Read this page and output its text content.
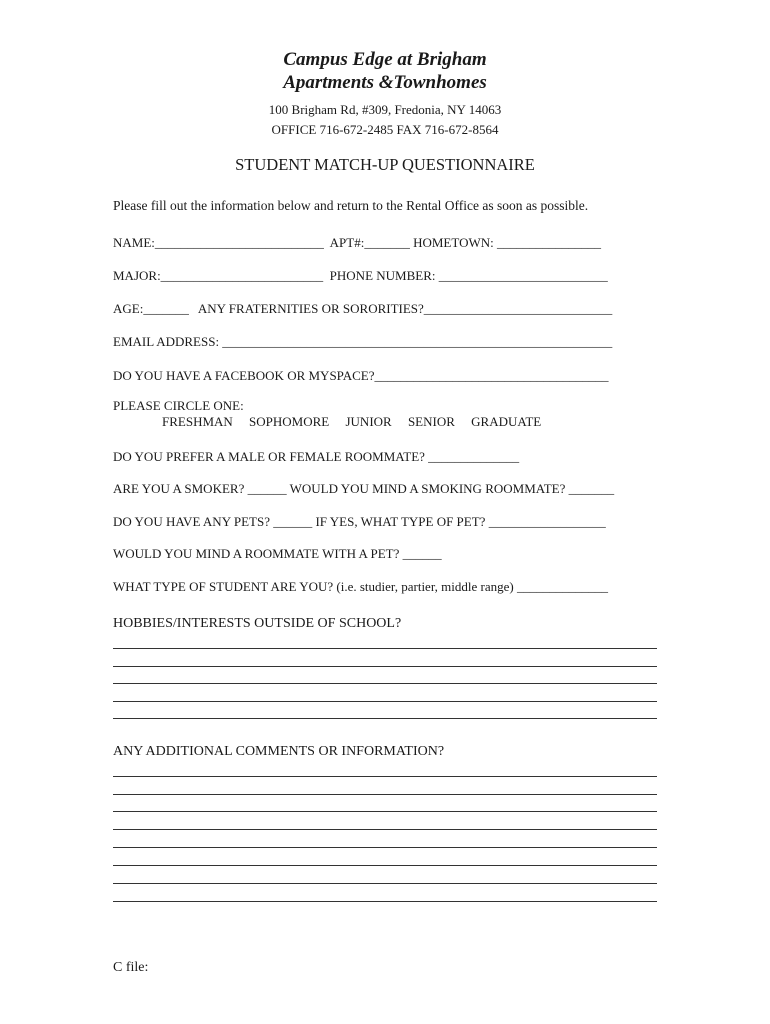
Campus Edge at Brigham
Apartments &Townhomes
100 Brigham Rd, #309, Fredonia, NY 14063
OFFICE 716-672-2485 FAX 716-672-8564
STUDENT MATCH-UP QUESTIONNAIRE
Please fill out the information below and return to the Rental Office as soon as possible.
NAME:__________________________  APT#:_______ HOMETOWN: ________________
MAJOR:_________________________  PHONE NUMBER: __________________________
AGE:_______   ANY FRATERNITIES OR SORORITIES?_____________________________
EMAIL ADDRESS: ____________________________________________________________
DO YOU HAVE A FACEBOOK OR MYSPACE?____________________________________
PLEASE CIRCLE ONE:
FRESHMAN     SOPHOMORE     JUNIOR     SENIOR     GRADUATE
DO YOU PREFER A MALE OR FEMALE ROOMMATE? ______________
ARE YOU A SMOKER? ______ WOULD YOU MIND A SMOKING ROOMMATE? _______
DO YOU HAVE ANY PETS? ______ IF YES, WHAT TYPE OF PET? __________________
WOULD YOU MIND A ROOMMATE WITH A PET? ______
WHAT TYPE OF STUDENT ARE YOU? (i.e. studier, partier, middle range) ______________
HOBBIES/INTERESTS OUTSIDE OF SCHOOL?
ANY ADDITIONAL COMMENTS OR INFORMATION?
C file:
